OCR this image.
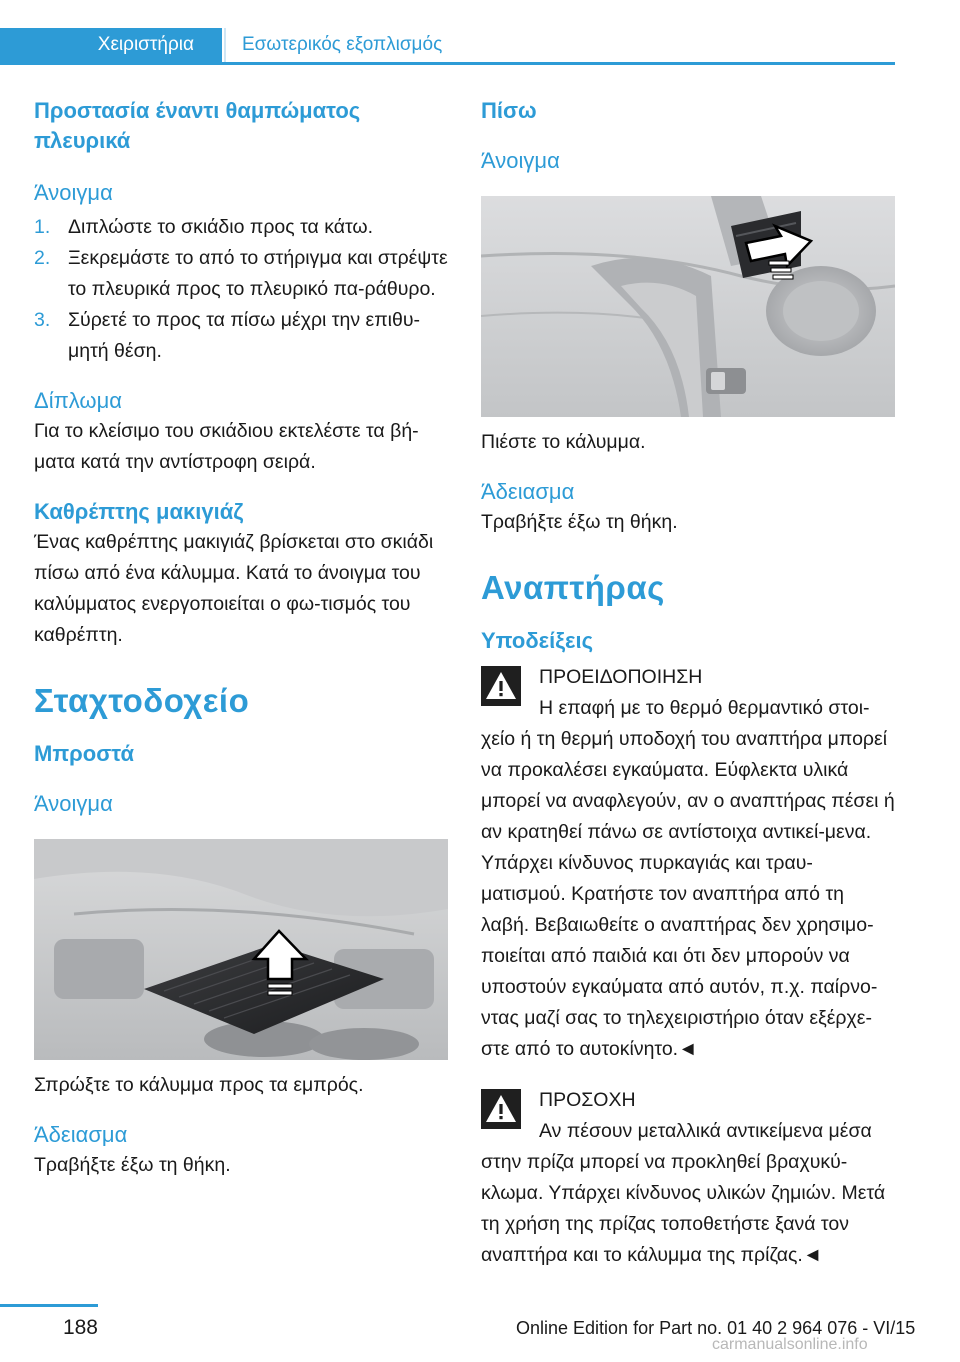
Χειριστήρια	Εσωτερικός εξοπλισμός
Προστασία έναντι θαμπώματος πλευρικά
Άνοιγμα
1. Διπλώστε το σκιάδιο προς τα κάτω.
2. Ξεκρεμάστε το από το στήριγμα και στρέψτε το πλευρικά προς το πλευρικό πα‐ράθυρο.
3. Σύρετέ το προς τα πίσω μέχρι την επιθυ‐μητή θέση.
Δίπλωμα

Για το κλείσιμο του σκιάδιου εκτελέστε τα βή‐ματα κατά την αντίστροφη σειρά.

Καθρέπτης μακιγιάζ

Ένας καθρέπτης μακιγιάζ βρίσκεται στο σκιάδι πίσω από ένα κάλυμμα. Κατά το άνοιγμα του καλύμματος ενεργοποιείται ο φω‐τισμός του καθρέπτη.

Σταχτοδοχείο
Μπροστά
Άνοιγμα

Σπρώξτε το κάλυμμα προς τα εμπρός.

Άδειασμα

Τραβήξτε έξω τη θήκη.

Πίσω
Άνοιγμα

Πιέστε το κάλυμμα.

Άδειασμα

Τραβήξτε έξω τη θήκη.

Αναπτήρας
Υποδείξεις
ΠΡΟΕΙΔΟΠΟΙΗΣΗ
Η επαφή με το θερμό θερμαντικό στοι‐
χείο ή τη θερμή υποδοχή του αναπτήρα μπορεί να προκαλέσει εγκαύματα. Εύφλεκτα υλικά μπορεί να αναφλεγούν, αν ο αναπτήρας πέσει ή αν κρατηθεί πάνω σε αντίστοιχα αντικεί‐μενα. Υπάρχει κίνδυνος πυρκαγιάς και τραυ‐ματισμού. Κρατήστε τον αναπτήρα από τη λαβή. Βεβαιωθείτε ο αναπτήρας δεν χρησιμο‐ποιείται από παιδιά και ότι δεν μπορούν να υποστούν εγκαύματα από αυτόν, π.χ. παίρνο‐ντας μαζί σας το τηλεχειριστήριο όταν εξέρχε‐στε από το αυτοκίνητο.◄
ΠΡΟΣΟΧΗ
Αν πέσουν μεταλλικά αντικείμενα μέσα
στην πρίζα μπορεί να προκληθεί βραχυκύ‐κλωμα. Υπάρχει κίνδυνος υλικών ζημιών. Μετά τη χρήση της πρίζας τοποθετήστε ξανά τον αναπτήρα και το κάλυμμα της πρίζας.◄
188	Online Edition for Part no. 01 40 2 964 076 - VI/15
carmanualsonline.info
